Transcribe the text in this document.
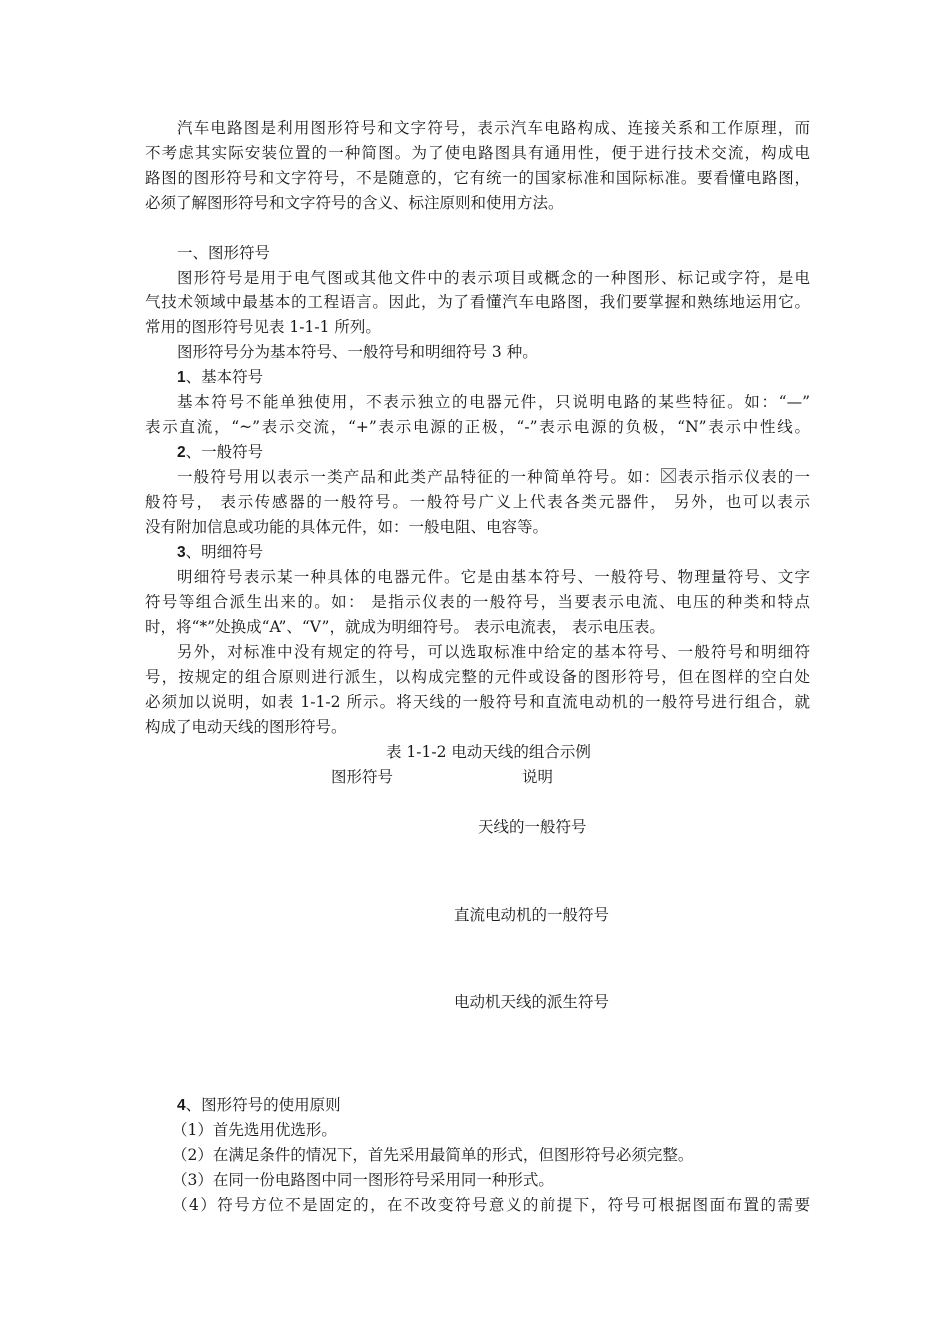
汽车电路图是利用图形符号和文字符号，表示汽车电路构成、连接关系和工作原理，而
不考虑其实际安装位置的一种简图。为了使电路图具有通用性，便于进行技术交流，构成电
路图的图形符号和文字符号，不是随意的，它有统一的国家标准和国际标准。要看懂电路图，
必须了解图形符号和文字符号的含义、标注原则和使用方法。
一、图形符号
图形符号是用于电气图或其他文件中的表示项目或概念的一种图形、标记或字符，是电
气技术领域中最基本的工程语言。因此，为了看懂汽车电路图，我们要掌握和熟练地运用它。
常用的图形符号见表 1-1-1 所列。
图形符号分为基本符号、一般符号和明细符号 3 种。
1、基本符号
基本符号不能单独使用，不表示独立的电器元件，只说明电路的某些特征。如：“—”
表示直流，“~”表示交流，“+”表示电源的正极，“-”表示电源的负极，“N”表示中性线。
2、一般符号
一般符号用以表示一类产品和此类产品特征的一种简单符号。如： 表示指示仪表的一
般符号， 表示传感器的一般符号。一般符号广义上代表各类元器件， 另外，也可以表示
没有附加信息或功能的具体元件，如：一般电阻、电容等。
3、明细符号
明细符号表示某一种具体的电器元件。它是由基本符号、一般符号、物理量符号、文字
符号等组合派生出来的。如： 是指示仪表的一般符号，当要表示电流、电压的种类和特点
时，将“*”处换成“A”、“V”，就成为明细符号。 表示电流表， 表示电压表。
另外，对标准中没有规定的符号，可以选取标准中给定的基本符号、一般符号和明细符
号，按规定的组合原则进行派生，以构成完整的元件或设备的图形符号，但在图样的空白处
必须加以说明，如表 1-1-2 所示。将天线的一般符号和直流电动机的一般符号进行组合，就
构成了电动天线的图形符号。
表 1-1-2 电动天线的组合示例
图形符号	说明
天线的一般符号
直流电动机的一般符号
电动机天线的派生符号
4、图形符号的使用原则
（1）首先选用优选形。
（2）在满足条件的情况下，首先采用最简单的形式，但图形符号必须完整。
（3）在同一份电路图中同一图形符号采用同一种形式。
（4）符号方位不是固定的，在不改变符号意义的前提下，符号可根据图面布置的需要
